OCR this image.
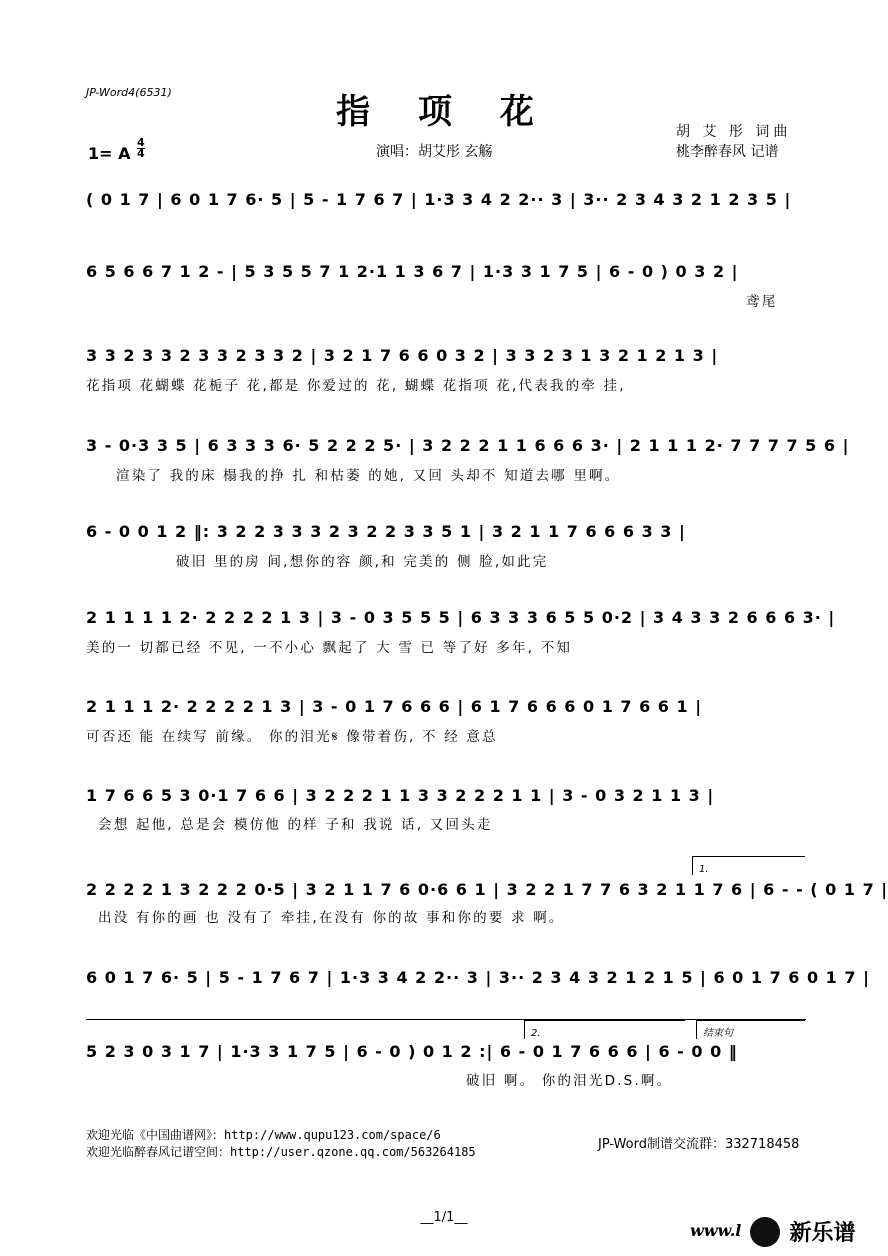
JP-Word4(6531)	指 项 花	胡 艾 彤 词曲
桃李醉春风 记谱
演唱：胡艾彤 玄觞
1= A
4
4
( 0 1 7 | 6 0 1 7 6· 5 | 5 - 1 7 6 7 | 1·3 3 4 2 2·· 3 | 3·· 2 3 4 3 2 1 2 3 5 |
6 5 6 6 7 1 2 - | 5 3 5 5 7 1 2·1 1 3 6 7 | 1·3 3 1 7 5 | 6 - 0 ) 0 3 2 |
鸢尾
3 3 2 3 3 2 3 3 2 3 3 2 | 3 2 1 7 6 6 0 3 2 | 3 3 2 3 1 3 2 1 2 1 3 |
花指项 花蝴蝶 花栀子 花,都是 你爱过的 花, 蝴蝶 花指项 花,代表我的牵 挂,
3 - 0·3 3 5 | 6 3 3 3 6· 5 2 2 2 5· | 3 2 2 2 1 1 6 6 6 3· | 2 1 1 1 2· 7 7 7 7 5 6 |
渲染了 我的床 榻我的挣 扎 和枯萎 的她, 又回 头却不 知道去哪 里啊。
6 - 0 0 1 2 ‖: 3 2 2 3 3 3 2 3 2 2 3 3 5 1 | 3 2 1 1 7 6 6 6 3 3 |
破旧 里的房 间,想你的容 颜,和 完美的 侧 脸,如此完
2 1 1 1 1 2· 2 2 2 2 1 3 | 3 - 0 3 5 5 5 | 6 3 3 3 6 5 5 0·2 | 3 4 3 3 2 6 6 6 3· |
美的一 切都已经 不见, 一不小心 飘起了 大 雪 已 等了好 多年, 不知
2 1 1 1 2· 2 2 2 2 1 3 | 3 - 0 1 7 6 6 6 | 6 1 7 6 6 6 0 1 7 6 6 1 |
可否还 能 在续写 前缘。 你的泪光𝄋 像带着伤, 不 经 意总
1 7 6 6 5 3 0·1 7 6 6 | 3 2 2 2 1 1 3 3 2 2 2 1 1 | 3 - 0 3 2 1 1 3 |
会想 起他, 总是会 模仿他 的样 子和 我说 话, 又回头走
1.
2 2 2 2 1 3 2 2 2 0·5 | 3 2 1 1 7 6 0·6 6 1 | 3 2 2 1 7 7 6 3 2 1 1 7 6 | 6 - - ( 0 1 7 |
出没 有你的画 也 没有了 牵挂,在没有 你的故 事和你的要 求 啊。
6 0 1 7 6· 5 | 5 - 1 7 6 7 | 1·3 3 4 2 2·· 3 | 3·· 2 3 4 3 2 1 2 1 5 | 6 0 1 7 6 0 1 7 |
2.	结束句
5 2 3 0 3 1 7 | 1·3 3 1 7 5 | 6 - 0 ) 0 1 2 :| 6 - 0 1 7 6 6 6 | 6 - 0 0 ‖
破旧 啊。 你的泪光D.S.啊。
欢迎光临《中国曲谱网》：http://www.qupu123.com/space/6
欢迎光临醉春风记谱空间：http://user.qzone.qq.com/563264185	JP-Word制谱交流群：332718458
__1/1__
www.l 新乐谱
